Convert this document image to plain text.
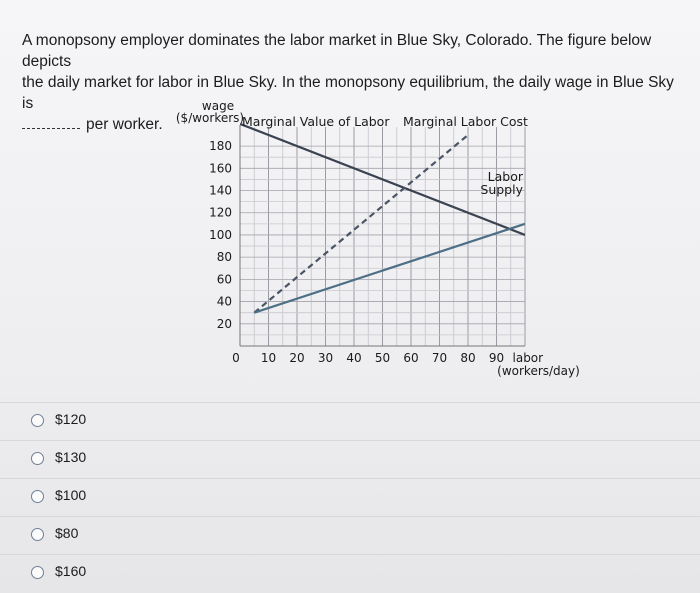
A monopsony employer dominates the labor market in Blue Sky, Colorado. The figure below depicts
the daily market for labor in Blue Sky. In the monopsony equilibrium, the daily wage in Blue Sky is
per worker.
180
160
140
120
100
80
60
40
20
0 10 20 30 40 50 60 70 80 90
wage
($/workers)
labor
(workers/day)
Marginal Value of Labor Marginal Labor Cost
Labor
Supply
$120
$130
$100
$80
$160
